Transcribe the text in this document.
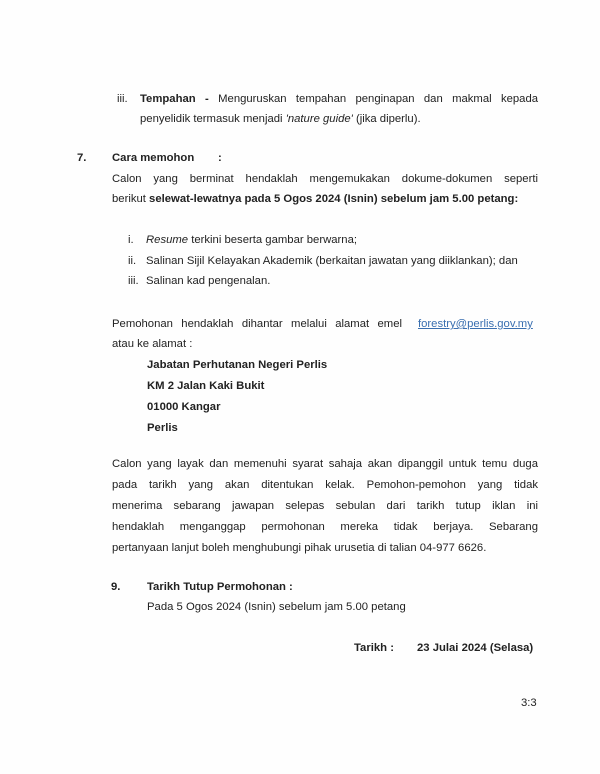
iii. Tempahan - Menguruskan tempahan penginapan dan makmal kepada
penyelidik termasuk menjadi 'nature guide' (jika diperlu).
7. Cara memohon :
Calon yang berminat hendaklah mengemukakan dokume-dokumen seperti
berikut selewat-lewatnya pada 5 Ogos 2024 (Isnin) sebelum jam 5.00 petang:
i. Resume terkini beserta gambar berwarna;
ii. Salinan Sijil Kelayakan Akademik (berkaitan jawatan yang diiklankan); dan
iii. Salinan kad pengenalan.
Pemohonan hendaklah dihantar melalui alamat emel forestry@perlis.gov.my
atau ke alamat :
Jabatan Perhutanan Negeri Perlis
KM 2 Jalan Kaki Bukit
01000 Kangar
Perlis
Calon yang layak dan memenuhi syarat sahaja akan dipanggil untuk temu duga
pada tarikh yang akan ditentukan kelak. Pemohon-pemohon yang tidak
menerima sebarang jawapan selepas sebulan dari tarikh tutup iklan ini
hendaklah menganggap permohonan mereka tidak berjaya. Sebarang
pertanyaan lanjut boleh menghubungi pihak urusetia di talian 04-977 6626.
9. Tarikh Tutup Permohonan :
Pada 5 Ogos 2024 (Isnin) sebelum jam 5.00 petang
Tarikh : 23 Julai 2024 (Selasa)
3:3
